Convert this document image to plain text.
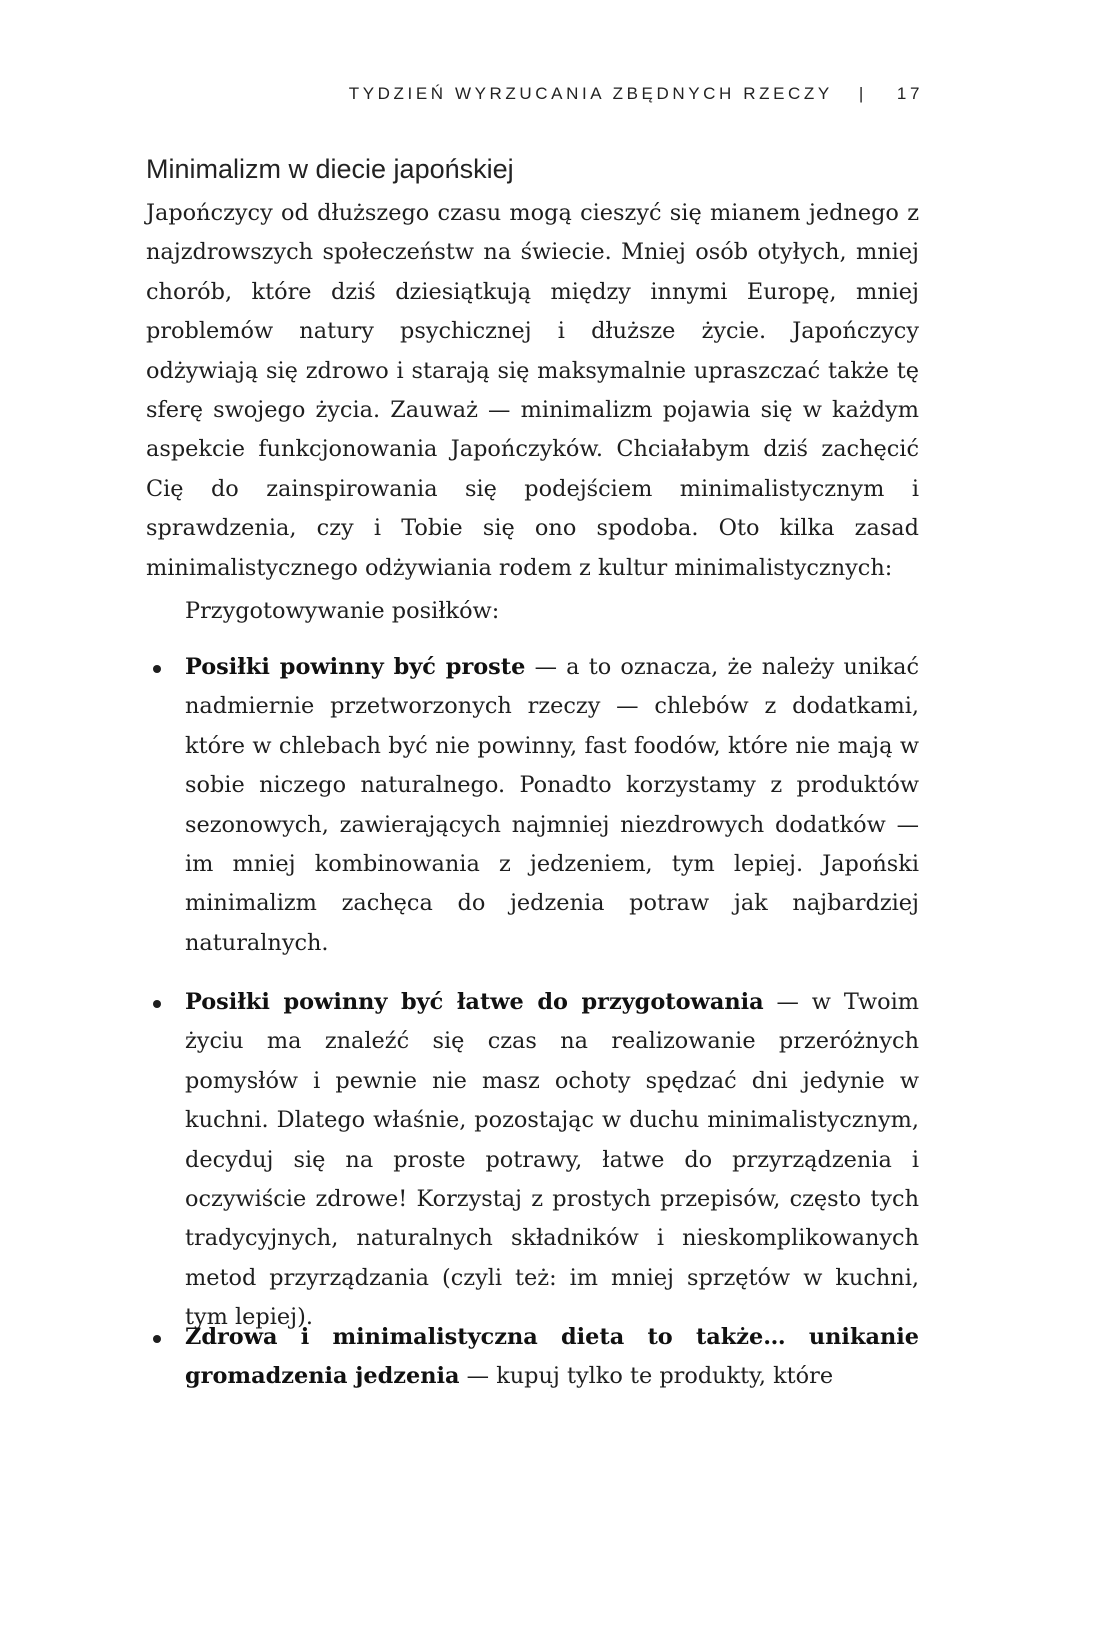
TYDZIEŃ WYRZUCANIA ZBĘDNYCH RZECZY | 17
Minimalizm w diecie japońskiej

Japończycy od dłuższego czasu mogą cieszyć się mianem jednego z najzdrowszych społeczeństw na świecie. Mniej osób otyłych, mniej chorób, które dziś dziesiątkują między innymi Europę, mniej problemów natury psychicznej i dłuższe życie. Japończycy odżywiają się zdrowo i starają się maksymalnie upraszczać także tę sferę swojego życia. Zauważ — minimalizm pojawia się w każdym aspekcie funkcjonowania Japończyków. Chciałabym dziś zachęcić Cię do zainspirowania się podejściem minimalistycznym i sprawdzenia, czy i Tobie się ono spodoba. Oto kilka zasad minimalistycznego odżywiania rodem z kultur minimalistycznych:

Przygotowywanie posiłków:

Posiłki powinny być proste — a to oznacza, że należy unikać nadmiernie przetworzonych rzeczy — chlebów z dodatkami, które w chlebach być nie powinny, fast foodów, które nie mają w sobie niczego naturalnego. Ponadto korzystamy z produktów sezonowych, zawierających najmniej niezdrowych dodatków — im mniej kombinowania z jedzeniem, tym lepiej. Japoński minimalizm zachęca do jedzenia potraw jak najbardziej naturalnych.
Posiłki powinny być łatwe do przygotowania — w Twoim życiu ma znaleźć się czas na realizowanie przeróżnych pomysłów i pewnie nie masz ochoty spędzać dni jedynie w kuchni. Dlatego właśnie, pozostając w duchu minimalistycznym, decyduj się na proste potrawy, łatwe do przyrządzenia i oczywiście zdrowe! Korzystaj z prostych przepisów, często tych tradycyjnych, naturalnych składników i nieskomplikowanych metod przyrządzania (czyli też: im mniej sprzętów w kuchni, tym lepiej).
Zdrowa i minimalistyczna dieta to także… unikanie gromadzenia jedzenia — kupuj tylko te produkty, które
